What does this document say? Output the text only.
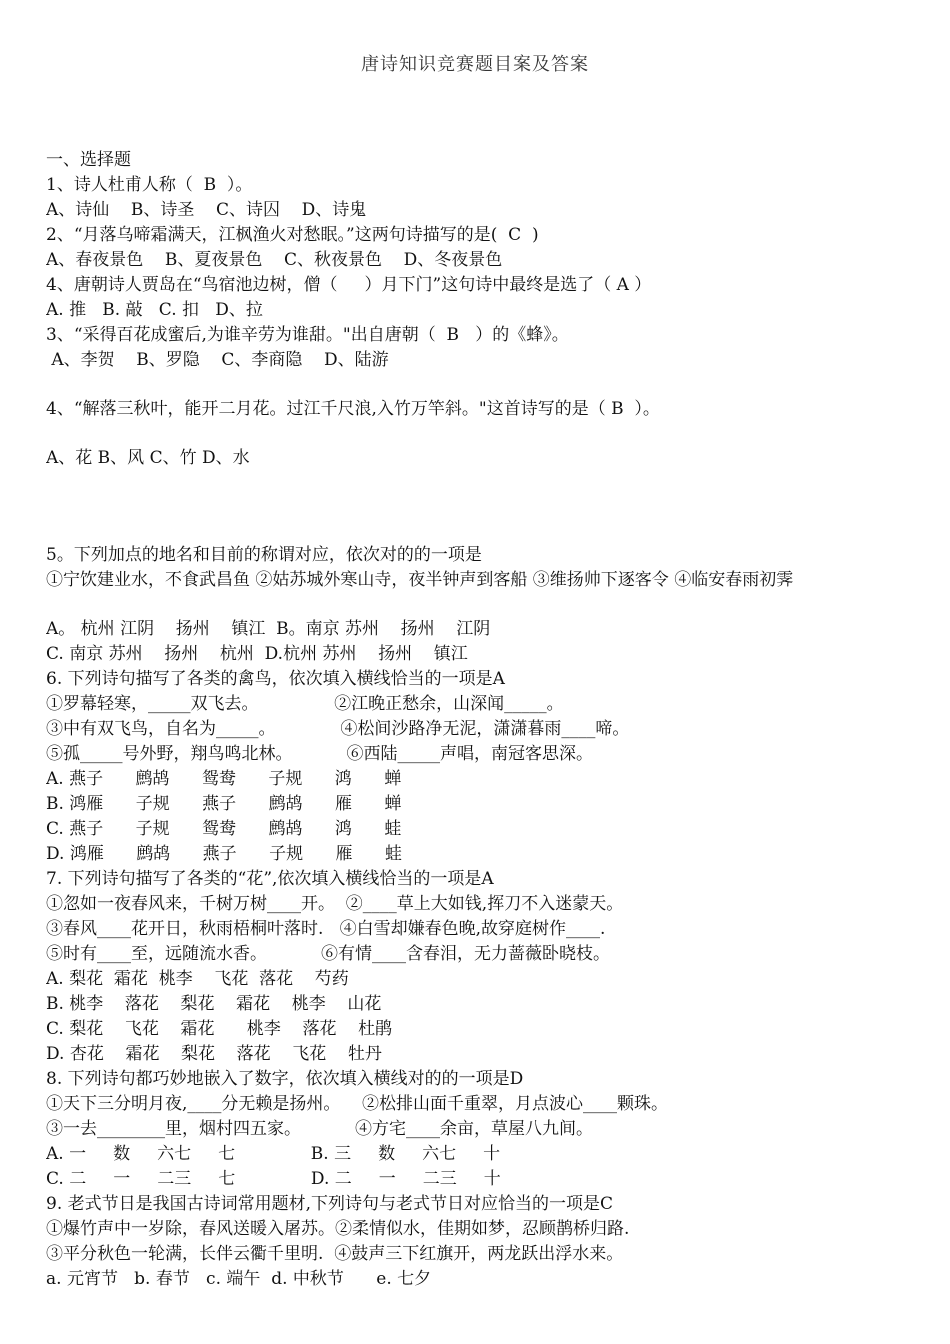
唐诗知识竞赛题目案及答案
一、选择题
1、诗人杜甫人称（  B  ）。
A、诗仙    B、诗圣    C、诗囚    D、诗鬼
2、“月落乌啼霜满天，江枫渔火对愁眠。”这两句诗描写的是(  C  )
A、春夜景色    B、夏夜景色    C、秋夜景色    D、冬夜景色
4、唐朝诗人贾岛在“鸟宿池边树，僧（     ）月下门”这句诗中最终是选了（ A ）
A. 推   B. 敲   C. 扣   D、拉
3、“采得百花成蜜后,为谁辛劳为谁甜。"出自唐朝（  B   ）的《蜂》。
A、李贺    B、罗隐    C、李商隐    D、陆游
4、“解落三秋叶，能开二月花。过江千尺浪,入竹万竿斜。"这首诗写的是（ B  ）。
A、花 B、风 C、竹 D、水
5。下列加点的地名和目前的称谓对应，依次对的的一项是
①宁饮建业水，不食武昌鱼 ②姑苏城外寒山寺，夜半钟声到客船 ③维扬帅下逐客令 ④临安春雨初霁
A。 杭州 江阴    扬州    镇江  B。南京 苏州    扬州    江阴
C. 南京 苏州    扬州    杭州  D.杭州 苏州    扬州    镇江
6. 下列诗句描写了各类的禽鸟，依次填入横线恰当的一项是A
①罗幕轻寒，_____双飞去。              ②江晚正愁余，山深闻_____。
③中有双飞鸟，自名为_____。            ④松间沙路净无泥，潇潇暮雨____啼。
⑤孤_____号外野，翔鸟鸣北林。          ⑥西陆_____声唱，南冠客思深。
A. 燕子      鹧鸪      鸳鸯      子规      鸿      蝉
B. 鸿雁      子规      燕子      鹧鸪      雁      蝉
C. 燕子      子规      鸳鸯      鹧鸪      鸿      蛙
D. 鸿雁      鹧鸪      燕子      子规      雁      蛙
7. 下列诗句描写了各类的“花”,依次填入横线恰当的一项是A
①忽如一夜春风来，千树万树____开。  ②____草上大如钱,挥刀不入迷蒙天。
③春风____花开日，秋雨梧桐叶落时.   ④白雪却嫌春色晚,故穿庭树作____.
⑤时有____至，远随流水香。          ⑥有情____含春泪，无力蔷薇卧晓枝。
A. 梨花  霜花  桃李    飞花  落花    芍药
B. 桃李    落花    梨花    霜花    桃李    山花
C. 梨花    飞花    霜花      桃李    落花    杜鹃
D. 杏花    霜花    梨花    落花    飞花    牡丹
8. 下列诗句都巧妙地嵌入了数字，依次填入横线对的的一项是D
①天下三分明月夜,____分无赖是扬州。    ②松排山面千重翠，月点波心____颗珠。
③一去________里，烟村四五家。          ④方宅____余亩，草屋八九间。
A. 一     数     六七     七              B. 三     数     六七     十
C. 二     一     二三     七              D. 二     一     二三     十
9. 老式节日是我国古诗词常用题材,下列诗句与老式节日对应恰当的一项是C
①爆竹声中一岁除，春风送暖入屠苏。②柔情似水，佳期如梦，忍顾鹊桥归路.
③平分秋色一轮满，长伴云衢千里明.  ④鼓声三下红旗开，两龙跃出浮水来。
a. 元宵节   b. 春节   c. 端午  d. 中秋节      e. 七夕
